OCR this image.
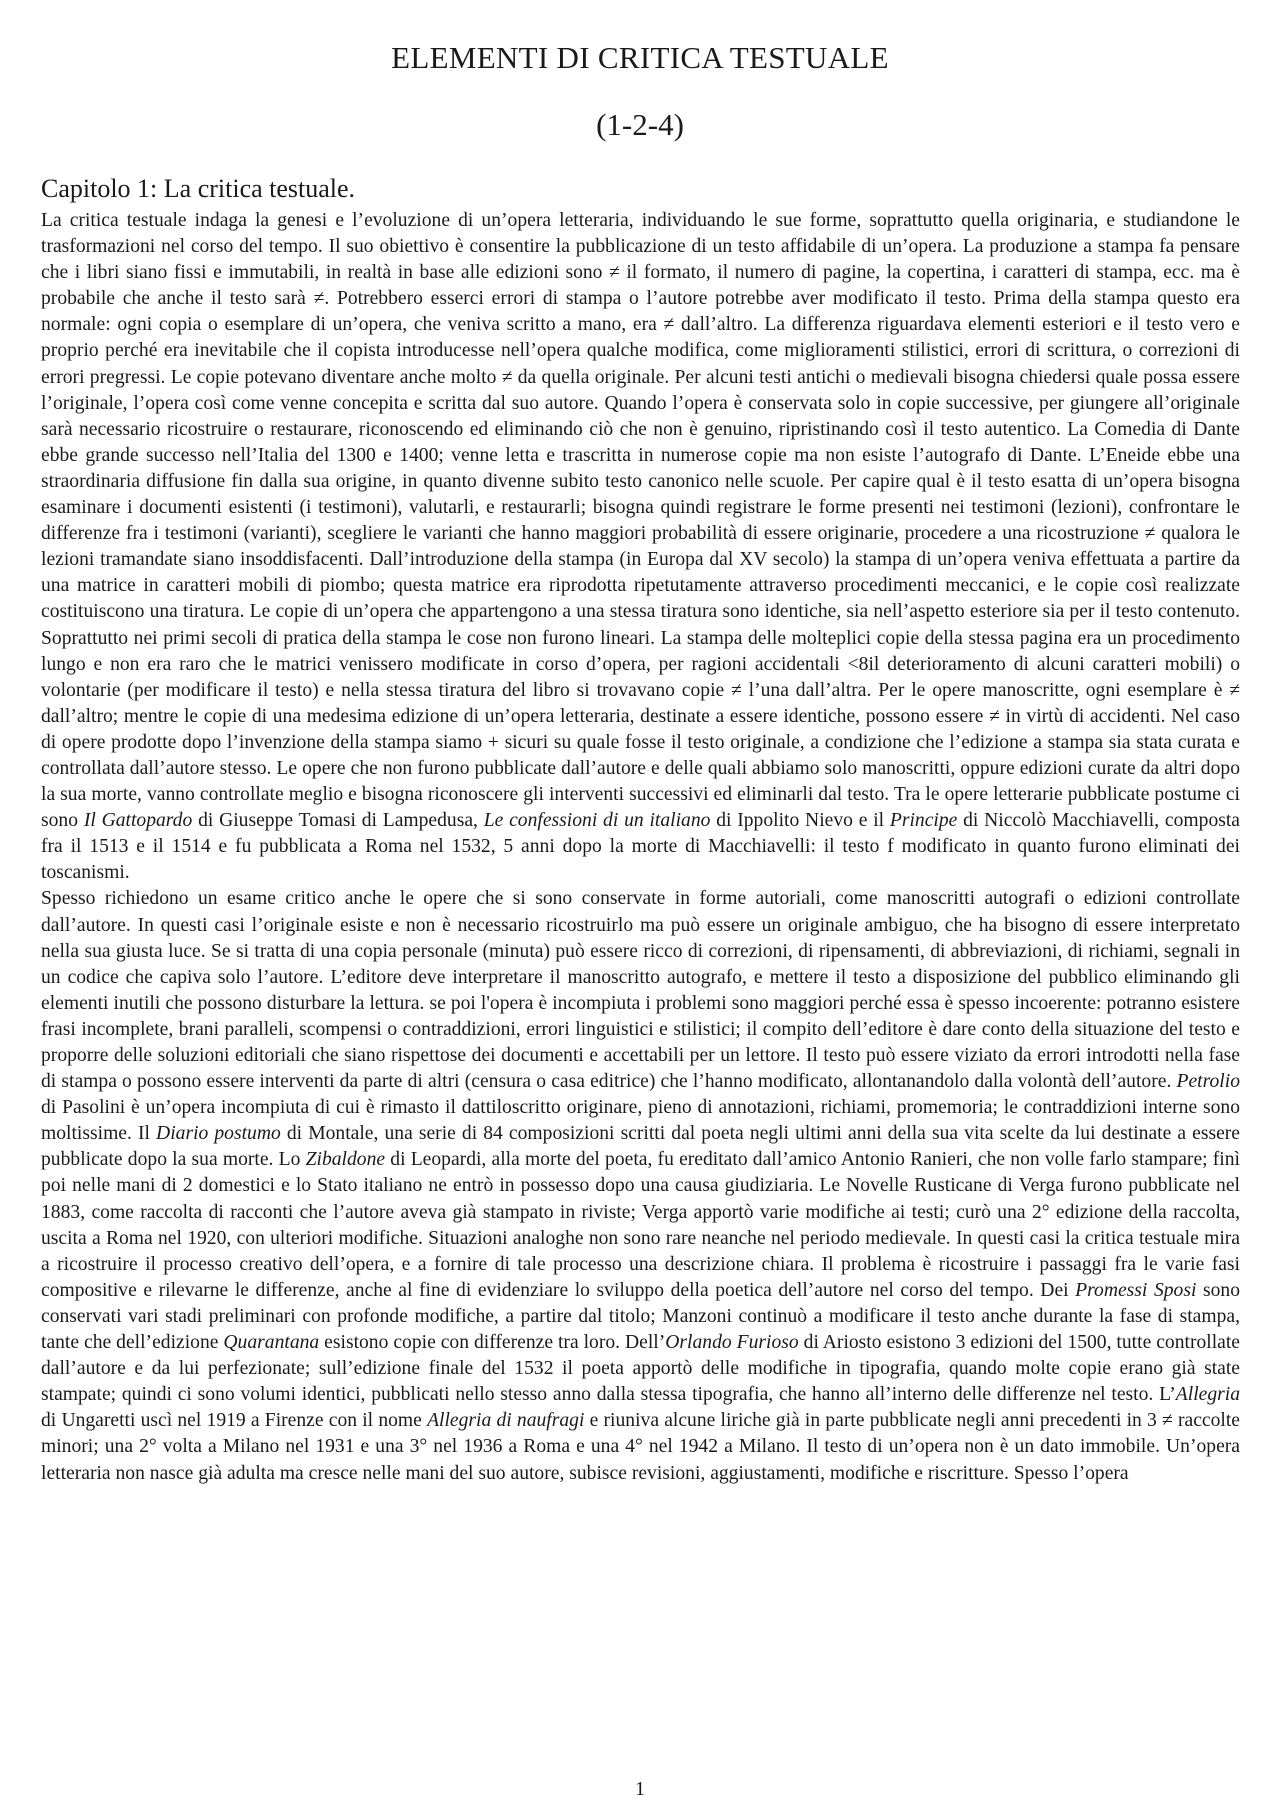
ELEMENTI DI CRITICA TESTUALE
(1-2-4)
Capitolo 1: La critica testuale.

La critica testuale indaga la genesi e l’evoluzione di un’opera letteraria, individuando le sue forme, soprattutto quella originaria, e studiandone le trasformazioni nel corso del tempo. Il suo obiettivo è consentire la pubblicazione di un testo affidabile di un’opera. La produzione a stampa fa pensare che i libri siano fissi e immutabili, in realtà in base alle edizioni sono ≠ il formato, il numero di pagine, la copertina, i caratteri di stampa, ecc. ma è probabile che anche il testo sarà ≠. Potrebbero esserci errori di stampa o l’autore potrebbe aver modificato il testo. Prima della stampa questo era normale: ogni copia o esemplare di un’opera, che veniva scritto a mano, era ≠ dall’altro. La differenza riguardava elementi esteriori e il testo vero e proprio perché era inevitabile che il copista introducesse nell’opera qualche modifica, come miglioramenti stilistici, errori di scrittura, o correzioni di errori pregressi. Le copie potevano diventare anche molto ≠ da quella originale. Per alcuni testi antichi o medievali bisogna chiedersi quale possa essere l’originale, l’opera così come venne concepita e scritta dal suo autore. Quando l’opera è conservata solo in copie successive, per giungere all’originale sarà necessario ricostruire o restaurare, riconoscendo ed eliminando ciò che non è genuino, ripristinando così il testo autentico. La Comedia di Dante ebbe grande successo nell’Italia del 1300 e 1400; venne letta e trascritta in numerose copie ma non esiste l’autografo di Dante. L’Eneide ebbe una straordinaria diffusione fin dalla sua origine, in quanto divenne subito testo canonico nelle scuole. Per capire qual è il testo esatta di un’opera bisogna esaminare i documenti esistenti (i testimoni), valutarli, e restaurarli; bisogna quindi registrare le forme presenti nei testimoni (lezioni), confrontare le differenze fra i testimoni (varianti), scegliere le varianti che hanno maggiori probabilità di essere originarie, procedere a una ricostruzione ≠ qualora le lezioni tramandate siano insoddisfacenti. Dall’introduzione della stampa (in Europa dal XV secolo) la stampa di un’opera veniva effettuata a partire da una matrice in caratteri mobili di piombo; questa matrice era riprodotta ripetutamente attraverso procedimenti meccanici, e le copie così realizzate costituiscono una tiratura. Le copie di un’opera che appartengono a una stessa tiratura sono identiche, sia nell’aspetto esteriore sia per il testo contenuto. Soprattutto nei primi secoli di pratica della stampa le cose non furono lineari. La stampa delle molteplici copie della stessa pagina era un procedimento lungo e non era raro che le matrici venissero modificate in corso d’opera, per ragioni accidentali <8il deterioramento di alcuni caratteri mobili) o volontarie (per modificare il testo) e nella stessa tiratura del libro si trovavano copie ≠ l’una dall’altra. Per le opere manoscritte, ogni esemplare è ≠ dall’altro; mentre le copie di una medesima edizione di un’opera letteraria, destinate a essere identiche, possono essere ≠ in virtù di accidenti. Nel caso di opere prodotte dopo l’invenzione della stampa siamo + sicuri su quale fosse il testo originale, a condizione che l’edizione a stampa sia stata curata e controllata dall’autore stesso. Le opere che non furono pubblicate dall’autore e delle quali abbiamo solo manoscritti, oppure edizioni curate da altri dopo la sua morte, vanno controllate meglio e bisogna riconoscere gli interventi successivi ed eliminarli dal testo. Tra le opere letterarie pubblicate postume ci sono Il Gattopardo di Giuseppe Tomasi di Lampedusa, Le confessioni di un italiano di Ippolito Nievo e il Principe di Niccolò Macchiavelli, composta fra il 1513 e il 1514 e fu pubblicata a Roma nel 1532, 5 anni dopo la morte di Macchiavelli: il testo f modificato in quanto furono eliminati dei toscanismi.

Spesso richiedono un esame critico anche le opere che si sono conservate in forme autoriali, come manoscritti autografi o edizioni controllate dall’autore. In questi casi l’originale esiste e non è necessario ricostruirlo ma può essere un originale ambiguo, che ha bisogno di essere interpretato nella sua giusta luce. Se si tratta di una copia personale (minuta) può essere ricco di correzioni, di ripensamenti, di abbreviazioni, di richiami, segnali in un codice che capiva solo l’autore. L’editore deve interpretare il manoscritto autografo, e mettere il testo a disposizione del pubblico eliminando gli elementi inutili che possono disturbare la lettura. se poi l'opera è incompiuta i problemi sono maggiori perché essa è spesso incoerente: potranno esistere frasi incomplete, brani paralleli, scompensi o contraddizioni, errori linguistici e stilistici; il compito dell’editore è dare conto della situazione del testo e proporre delle soluzioni editoriali che siano rispettose dei documenti e accettabili per un lettore. Il testo può essere viziato da errori introdotti nella fase di stampa o possono essere interventi da parte di altri (censura o casa editrice) che l’hanno modificato, allontanandolo dalla volontà dell’autore. Petrolio di Pasolini è un’opera incompiuta di cui è rimasto il dattiloscritto originare, pieno di annotazioni, richiami, promemoria; le contraddizioni interne sono moltissime. Il Diario postumo di Montale, una serie di 84 composizioni scritti dal poeta negli ultimi anni della sua vita scelte da lui destinate a essere pubblicate dopo la sua morte. Lo Zibaldone di Leopardi, alla morte del poeta, fu ereditato dall’amico Antonio Ranieri, che non volle farlo stampare; finì poi nelle mani di 2 domestici e lo Stato italiano ne entrò in possesso dopo una causa giudiziaria. Le Novelle Rusticane di Verga furono pubblicate nel 1883, come raccolta di racconti che l’autore aveva già stampato in riviste; Verga apportò varie modifiche ai testi; curò una 2° edizione della raccolta, uscita a Roma nel 1920, con ulteriori modifiche. Situazioni analoghe non sono rare neanche nel periodo medievale. In questi casi la critica testuale mira a ricostruire il processo creativo dell’opera, e a fornire di tale processo una descrizione chiara. Il problema è ricostruire i passaggi fra le varie fasi compositive e rilevarne le differenze, anche al fine di evidenziare lo sviluppo della poetica dell’autore nel corso del tempo. Dei Promessi Sposi sono conservati vari stadi preliminari con profonde modifiche, a partire dal titolo; Manzoni continuò a modificare il testo anche durante la fase di stampa, tante che dell’edizione Quarantana esistono copie con differenze tra loro. Dell’Orlando Furioso di Ariosto esistono 3 edizioni del 1500, tutte controllate dall’autore e da lui perfezionate; sull’edizione finale del 1532 il poeta apportò delle modifiche in tipografia, quando molte copie erano già state stampate; quindi ci sono volumi identici, pubblicati nello stesso anno dalla stessa tipografia, che hanno all’interno delle differenze nel testo. L’Allegria di Ungaretti uscì nel 1919 a Firenze con il nome Allegria di naufragi e riuniva alcune liriche già in parte pubblicate negli anni precedenti in 3 ≠ raccolte minori; una 2° volta a Milano nel 1931 e una 3° nel 1936 a Roma e una 4° nel 1942 a Milano. Il testo di un’opera non è un dato immobile. Un’opera letteraria non nasce già adulta ma cresce nelle mani del suo autore, subisce revisioni, aggiustamenti, modifiche e riscritture. Spesso l’opera

1
